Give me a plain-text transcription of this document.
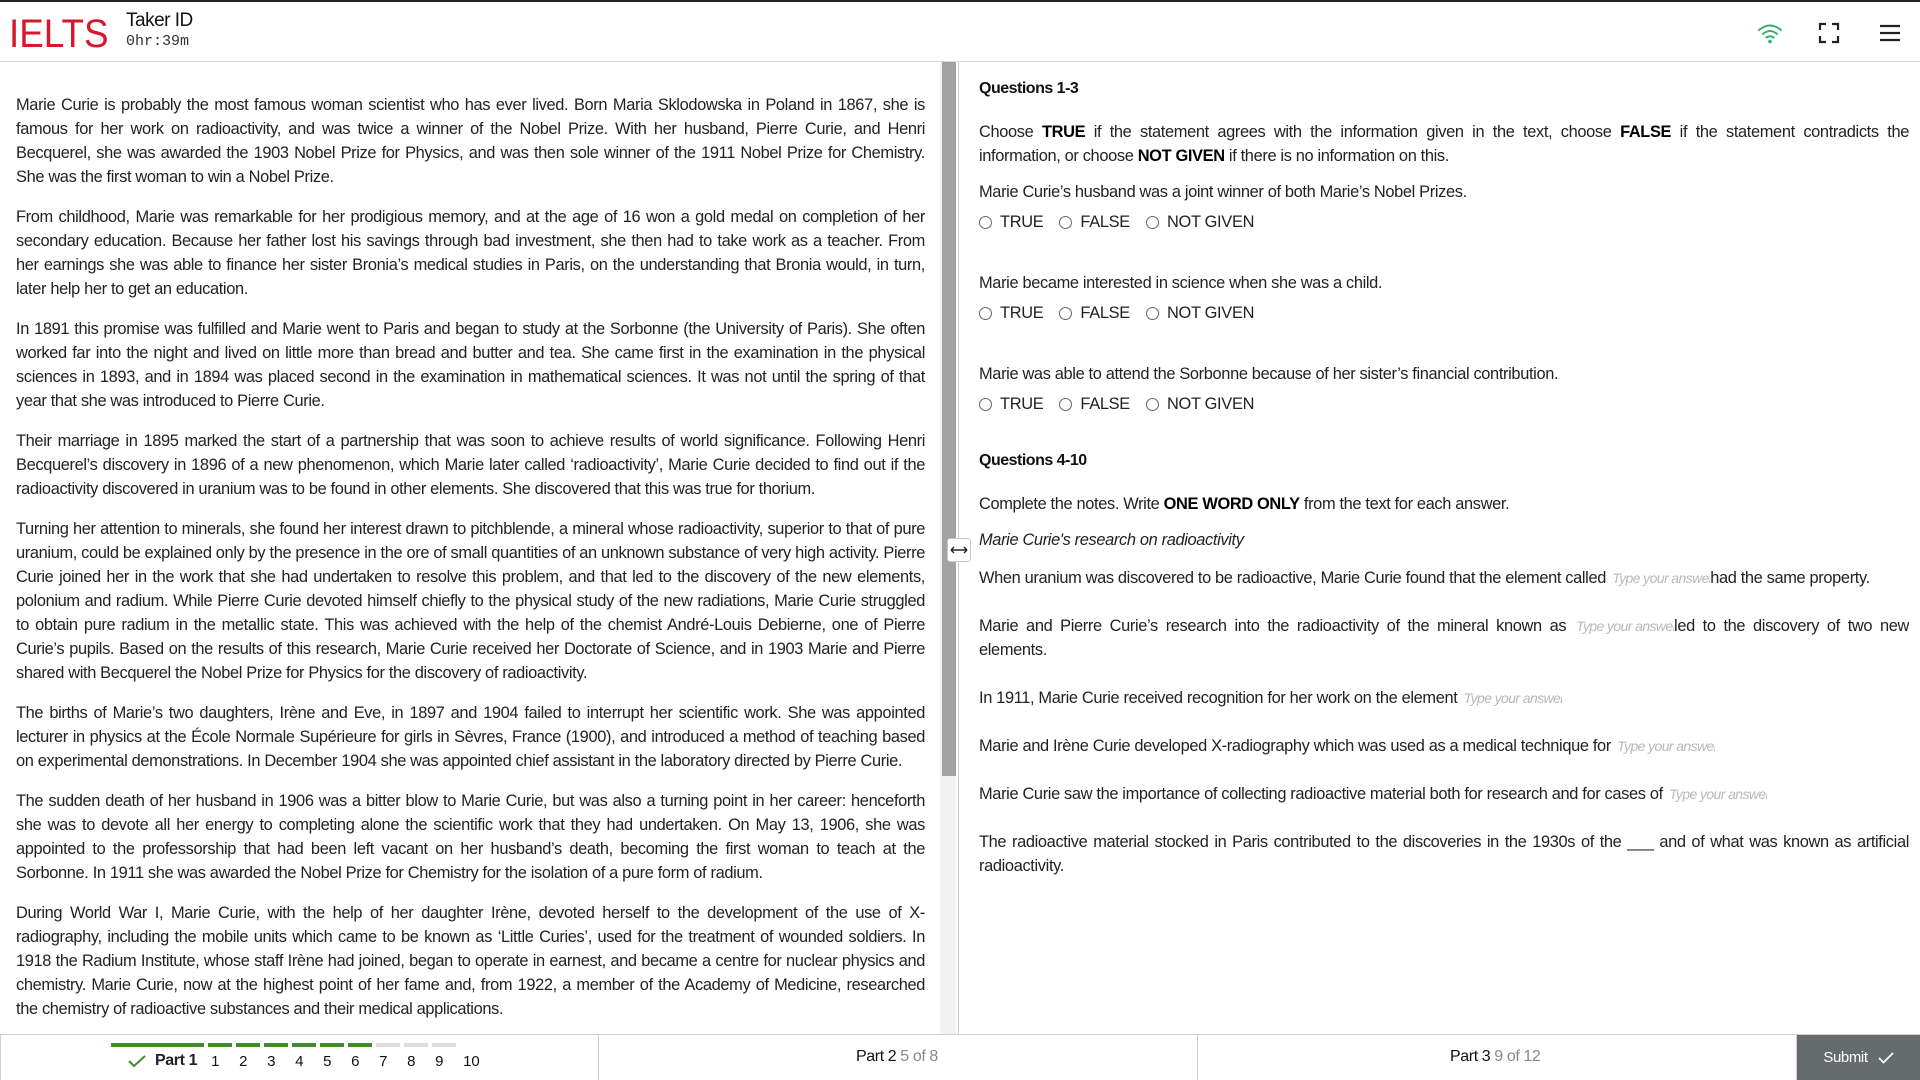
IELTS Taker ID
0hr:39m

Marie Curie is probably the most famous woman scientist who has ever lived. Born Maria Sklodowska in Poland in 1867, she is famous for her work on radioactivity, and was twice a winner of the Nobel Prize. With her husband, Pierre Curie, and Henri Becquerel, she was awarded the 1903 Nobel Prize for Physics, and was then sole winner of the 1911 Nobel Prize for Chemistry. She was the first woman to win a Nobel Prize.

From childhood, Marie was remarkable for her prodigious memory, and at the age of 16 won a gold medal on completion of her secondary education. Because her father lost his savings through bad investment, she then had to take work as a teacher. From her earnings she was able to finance her sister Bronia’s medical studies in Paris, on the understanding that Bronia would, in turn, later help her to get an education.

In 1891 this promise was fulfilled and Marie went to Paris and began to study at the Sorbonne (the University of Paris). She often worked far into the night and lived on little more than bread and butter and tea. She came first in the examination in the physical sciences in 1893, and in 1894 was placed second in the examination in mathematical sciences. It was not until the spring of that year that she was introduced to Pierre Curie.

Their marriage in 1895 marked the start of a partnership that was soon to achieve results of world significance. Following Henri Becquerel’s discovery in 1896 of a new phenomenon, which Marie later called ‘radioactivity’, Marie Curie decided to find out if the radioactivity discovered in uranium was to be found in other elements. She discovered that this was true for thorium.

Turning her attention to minerals, she found her interest drawn to pitchblende, a mineral whose radioactivity, superior to that of pure uranium, could be explained only by the presence in the ore of small quantities of an unknown substance of very high activity. Pierre Curie joined her in the work that she had undertaken to resolve this problem, and that led to the discovery of the new elements, polonium and radium. While Pierre Curie devoted himself chiefly to the physical study of the new radiations, Marie Curie struggled to obtain pure radium in the metallic state. This was achieved with the help of the chemist André-Louis Debierne, one of Pierre Curie’s pupils. Based on the results of this research, Marie Curie received her Doctorate of Science, and in 1903 Marie and Pierre shared with Becquerel the Nobel Prize for Physics for the discovery of radioactivity.

The births of Marie’s two daughters, Irène and Eve, in 1897 and 1904 failed to interrupt her scientific work. She was appointed lecturer in physics at the École Normale Supérieure for girls in Sèvres, France (1900), and introduced a method of teaching based on experimental demonstrations. In December 1904 she was appointed chief assistant in the laboratory directed by Pierre Curie.

The sudden death of her husband in 1906 was a bitter blow to Marie Curie, but was also a turning point in her career: henceforth she was to devote all her energy to completing alone the scientific work that they had undertaken. On May 13, 1906, she was appointed to the professorship that had been left vacant on her husband’s death, becoming the first woman to teach at the Sorbonne. In 1911 she was awarded the Nobel Prize for Chemistry for the isolation of a pure form of radium.

During World War I, Marie Curie, with the help of her daughter Irène, devoted herself to the development of the use of X-radiography, including the mobile units which came to be known as ‘Little Curies’, used for the treatment of wounded soldiers. In 1918 the Radium Institute, whose staff Irène had joined, began to operate in earnest, and became a centre for nuclear physics and chemistry. Marie Curie, now at the highest point of her fame and, from 1922, a member of the Academy of Medicine, researched the chemistry of radioactive substances and their medical applications.

Questions 1-3
Choose TRUE if the statement agrees with the information given in the text, choose FALSE if the statement contradicts the information, or choose NOT GIVEN if there is no information on this.
Marie Curie’s husband was a joint winner of both Marie’s Nobel Prizes.
TRUE FALSE NOT GIVEN
Marie became interested in science when she was a child.
TRUE FALSE NOT GIVEN
Marie was able to attend the Sorbonne because of her sister’s financial contribution.
TRUE FALSE NOT GIVEN
Questions 4-10
Complete the notes. Write ONE WORD ONLY from the text for each answer.
Marie Curie's research on radioactivity
When uranium was discovered to be radioactive, Marie Curie found that the element called Type your answer	had the same property.
Marie and Pierre Curie’s research into the radioactivity of the mineral known as Type your answer	led to the discovery of two new elements.
In 1911, Marie Curie received recognition for her work on the element Type your answer
Marie and Irène Curie developed X-radiography which was used as a medical technique for Type your answer
Marie Curie saw the importance of collecting radioactive material both for research and for cases of Type your answer
The radioactive material stocked in Paris contributed to the discoveries in the 1930s of the ___ and of what was known as artificial radioactivity.
Part 1 1 2 3 4 5 6 7 8 9 10	Part 2 5 of 8	Part 3 9 of 12	Submit
